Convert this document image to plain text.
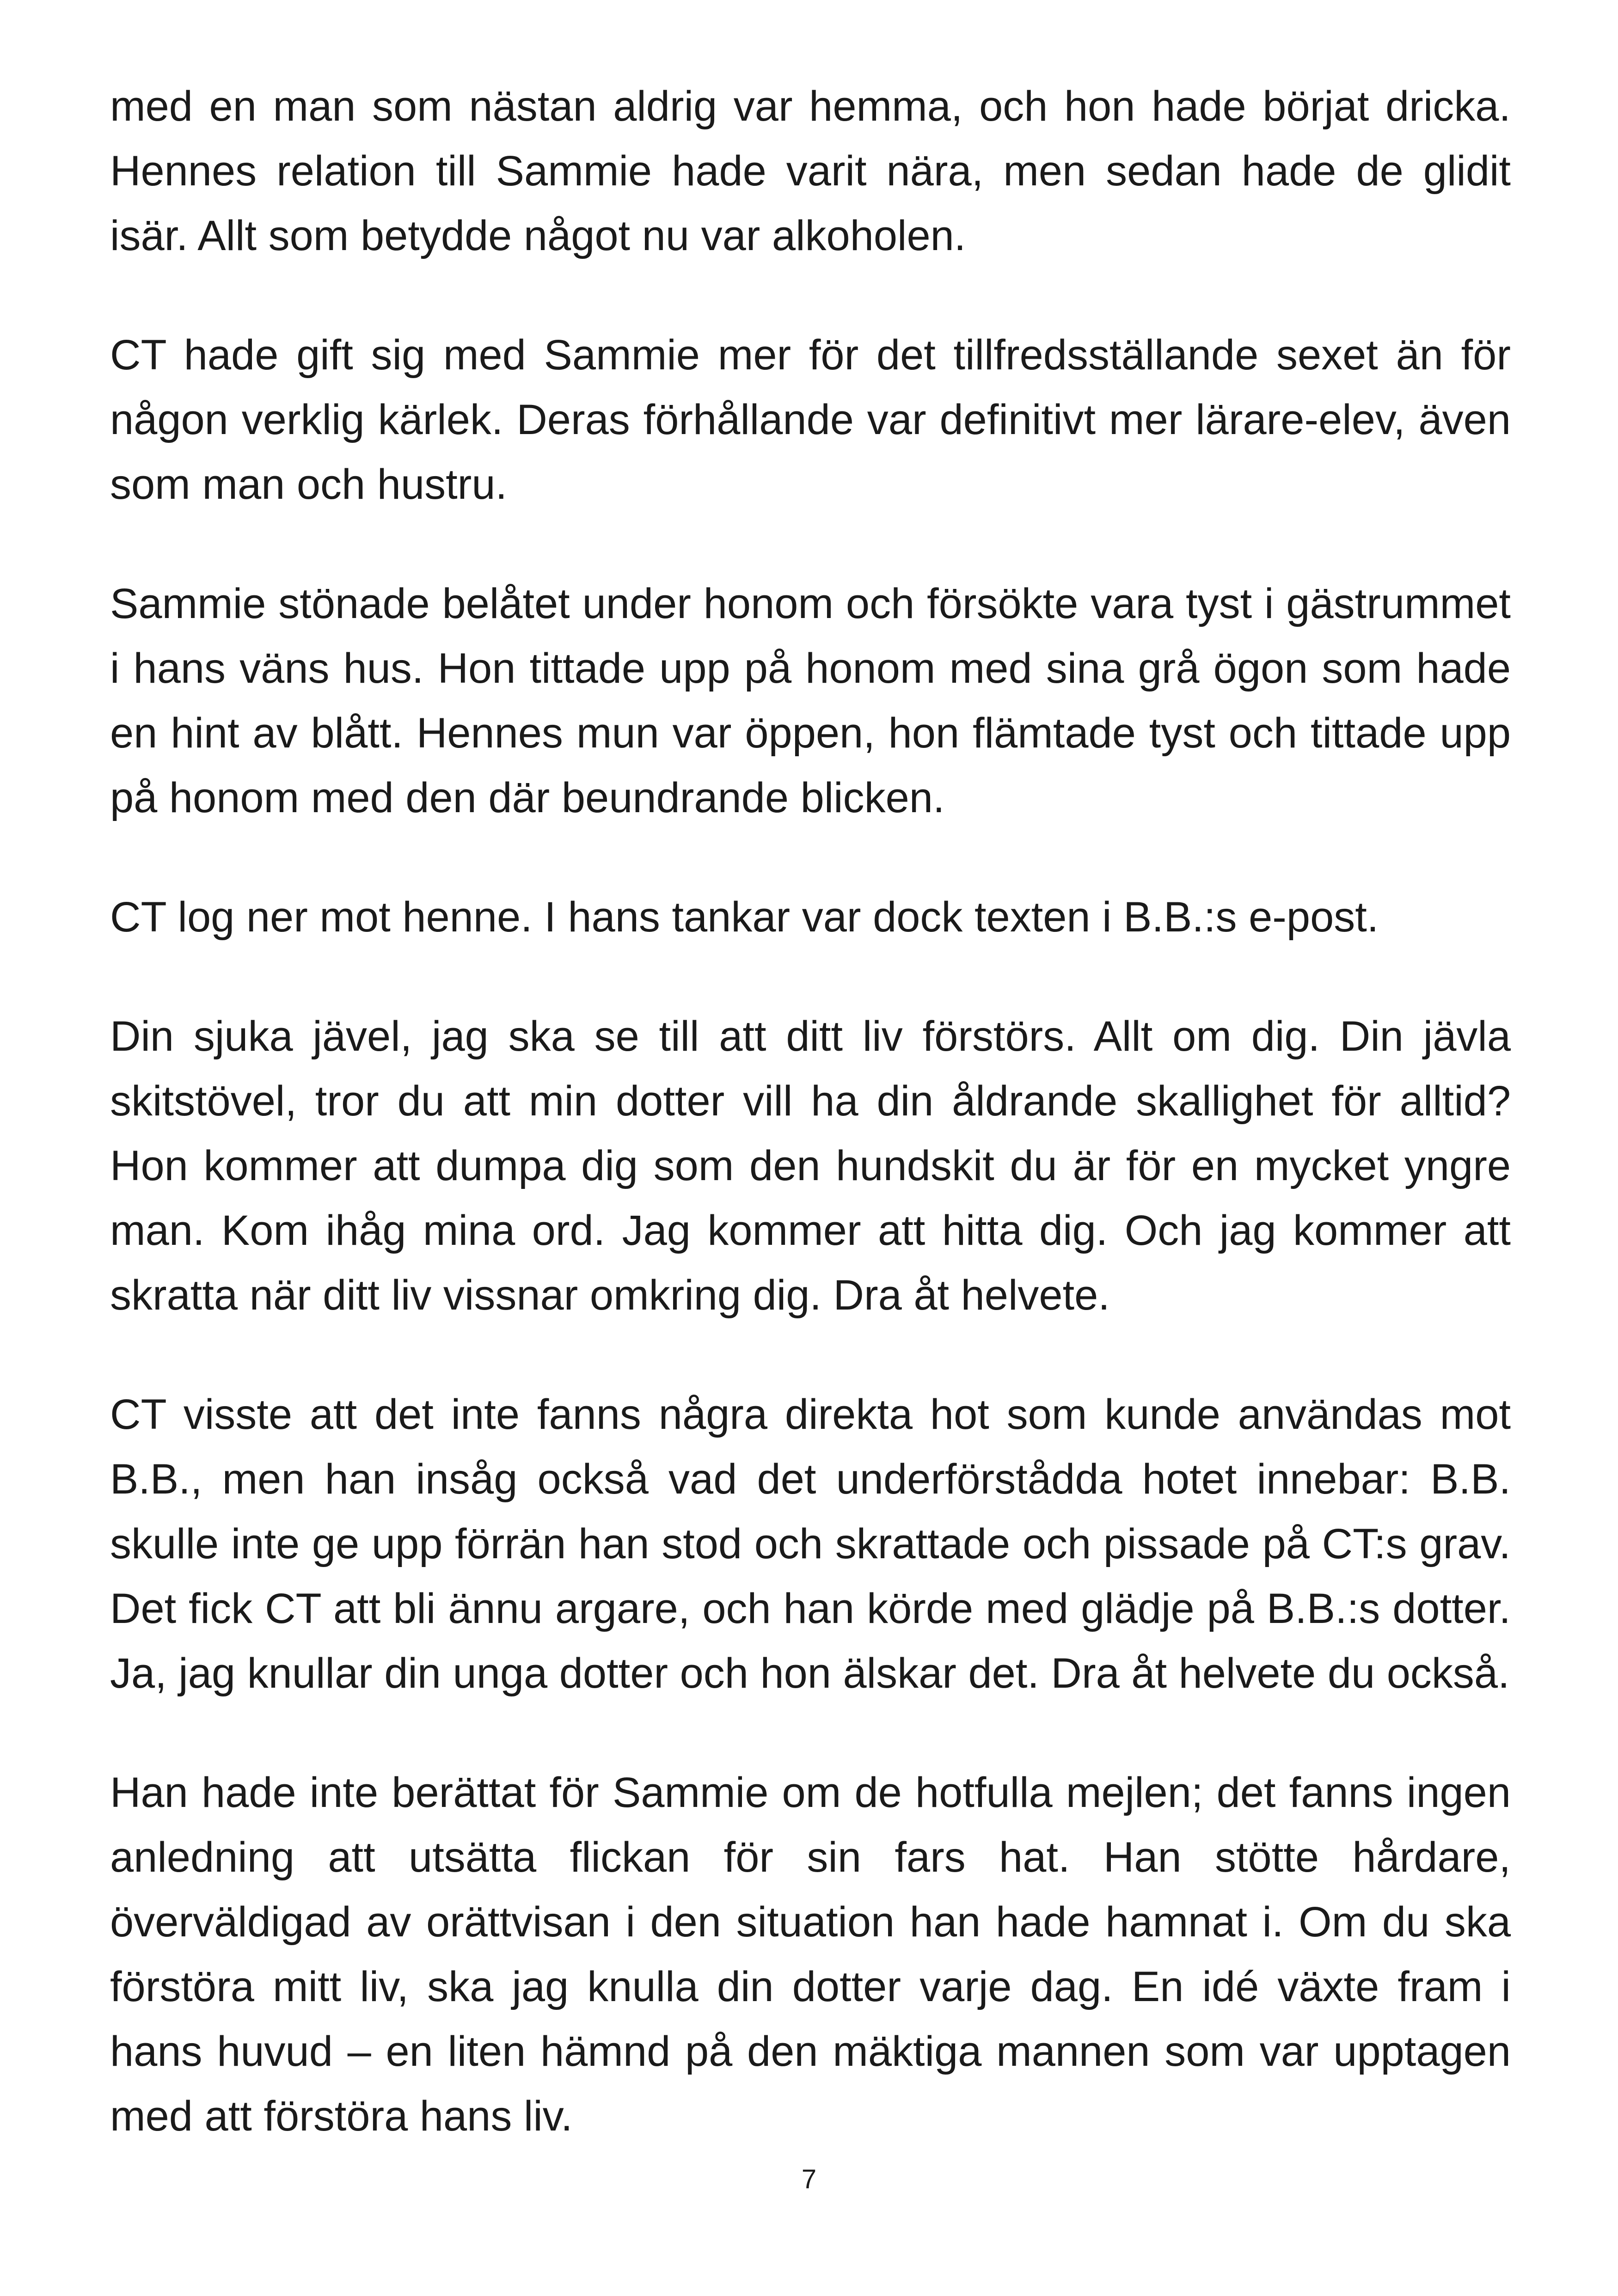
med en man som nästan aldrig var hemma, och hon hade börjat dricka. Hennes relation till Sammie hade varit nära, men sedan hade de glidit isär. Allt som betydde något nu var alkoholen.

CT hade gift sig med Sammie mer för det tillfredsställande sexet än för någon verklig kärlek. Deras förhållande var definitivt mer lärare-elev, även som man och hustru.

Sammie stönade belåtet under honom och försökte vara tyst i gästrummet i hans väns hus. Hon tittade upp på honom med sina grå ögon som hade en hint av blått. Hennes mun var öppen, hon flämtade tyst och tittade upp på honom med den där beundrande blicken.

CT log ner mot henne. I hans tankar var dock texten i B.B.:s e-post.

Din sjuka jävel, jag ska se till att ditt liv förstörs. Allt om dig. Din jävla skitstövel, tror du att min dotter vill ha din åldrande skallighet för alltid? Hon kommer att dumpa dig som den hundskit du är för en mycket yngre man. Kom ihåg mina ord. Jag kommer att hitta dig. Och jag kommer att skratta när ditt liv vissnar omkring dig. Dra åt helvete.

CT visste att det inte fanns några direkta hot som kunde användas mot B.B., men han insåg också vad det underförstådda hotet innebar: B.B. skulle inte ge upp förrän han stod och skrattade och pissade på CT:s grav. Det fick CT att bli ännu argare, och han körde med glädje på B.B.:s dotter. Ja, jag knullar din unga dotter och hon älskar det. Dra åt helvete du också.

Han hade inte berättat för Sammie om de hotfulla mejlen; det fanns ingen anledning att utsätta flickan för sin fars hat. Han stötte hårdare, överväldigad av orättvisan i den situation han hade hamnat i. Om du ska förstöra mitt liv, ska jag knulla din dotter varje dag. En idé växte fram i hans huvud – en liten hämnd på den mäktiga mannen som var upptagen med att förstöra hans liv.

7
